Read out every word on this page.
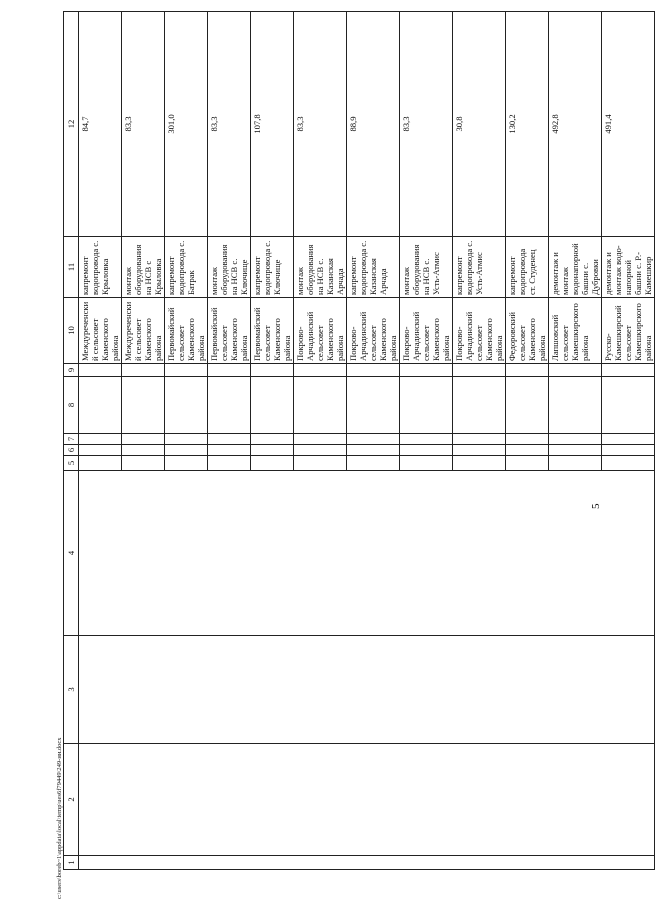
5
1	2	3	4	5	6	7	8	9	10	11	12
									Междуреченский сельсовет Каменского района	капремонт водопровода с. Крыловка	84,7
									Междуреченский сельсовет Каменского района	монтаж оборудования на НСВ с Крыловка	83,3
									Первомайский сельсовет Каменского района	капремонт водопровода с. Батрак	301,0
									Первомайский сельсовет Каменского района	монтаж оборудования на НСВ с. Ключище	83,3
									Первомайский сельсовет Каменского района	капремонт водопровода с. Ключище	107,8
									Покрово-Арчадинский сельсовет Каменского района	монтаж оборудования на НСВ с. Казанская Арчада	83,3
									Покрово-Арчадинский сельсовет Каменского района	капремонт водопровода с. Казанская Арчада	88,9
									Покрово-Арчадинский сельсовет Каменского района	монтаж оборудования на НСВ с. Усть-Атмис	83,3
									Покрово-Арчадинский сельсовет Каменского района	капремонт водопровода с. Усть-Атмис	30,8
									Федоровский сельсовет Каменского района	капремонт водопровода ст. Студенец	130,2
									Лапшовский сельсовет Камешкирского района	демонтаж и монтаж водонапорной башни с. Дубровки	492,8
									Русско-Камешкирский сельсовет Камешкирского района	демонтаж и монтаж водо-напорной башни с. Р.-Камешкир	491,4
c:\users\boreb~1\appdata\local\temp\ues6f79449\249-ии.docx
